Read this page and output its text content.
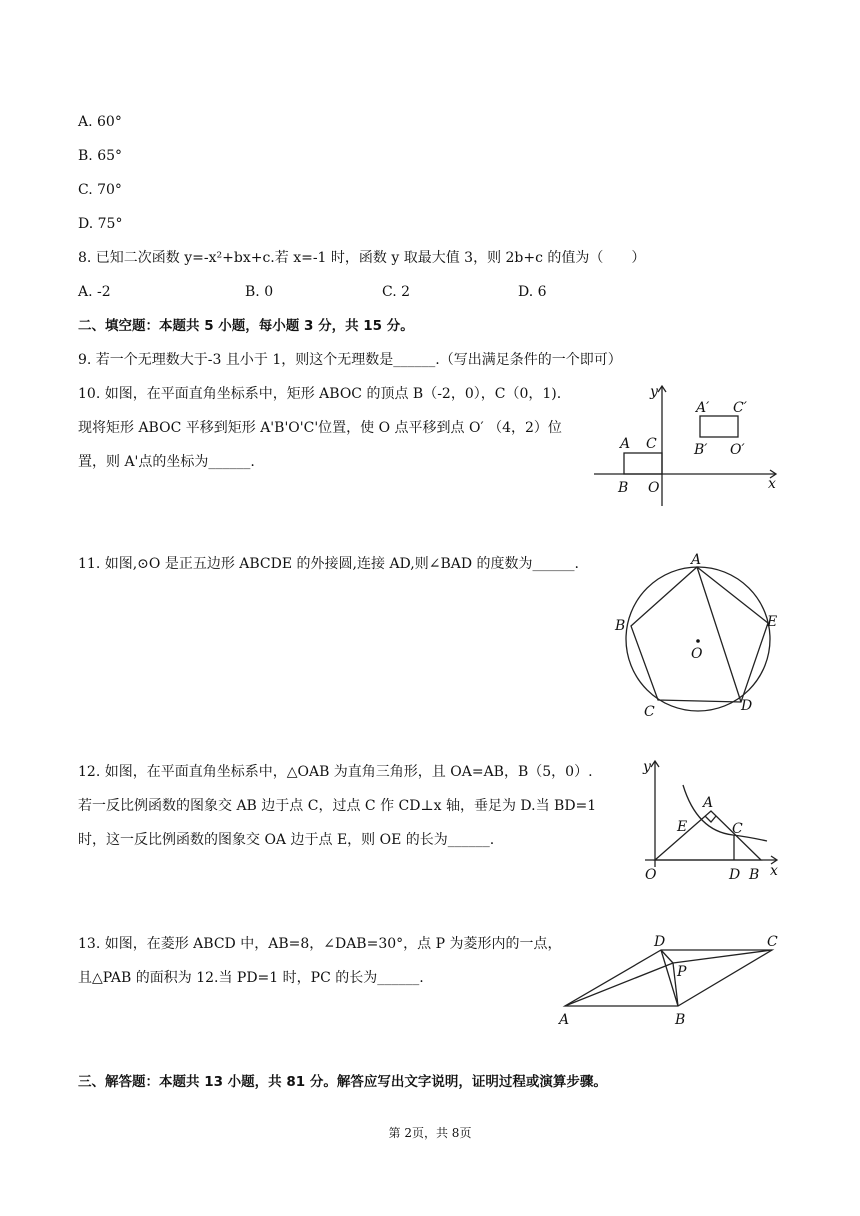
A. 60°
B. 65°
C. 70°
D. 75°
8. 已知二次函数 y=-x²+bx+c.若 x=-1 时，函数 y 取最大值 3，则 2b+c 的值为（　　）
A. -2	B. 0	C. 2	D. 6
二、填空题：本题共 5 小题，每小题 3 分，共 15 分。
9. 若一个无理数大于-3 且小于 1，则这个无理数是______.（写出满足条件的一个即可）
10. 如图，在平面直角坐标系中，矩形 ABOC 的顶点 B（-2，0），C（0，1).
现将矩形 ABOC 平移到矩形 A'B'O'C'位置，使 O 点平移到点 O′ （4，2）位
置，则 A'点的坐标为______.
y
A C
B O
A′ C′
B′ O′
x
11. 如图,⊙O 是正五边形 ABCDE 的外接圆,连接 AD,则∠BAD 的度数为______.	A
B
C	D
E
O
12. 如图，在平面直角坐标系中，△OAB 为直角三角形，且 OA=AB，B（5，0）.
若一反比例函数的图象交 AB 边于点 C，过点 C 作 CD⊥x 轴，垂足为 D.当 BD=1
时，这一反比例函数的图象交 OA 边于点 E，则 OE 的长为______.
y
A
E	C
O	D B x
13. 如图，在菱形 ABCD 中，AB=8，∠DAB=30°，点 P 为菱形内的一点，
且△PAB 的面积为 12.当 PD=1 时，PC 的长为______.
D	C
P
A	B
三、解答题：本题共 13 小题，共 81 分。解答应写出文字说明，证明过程或演算步骤。
第 2页，共 8页
